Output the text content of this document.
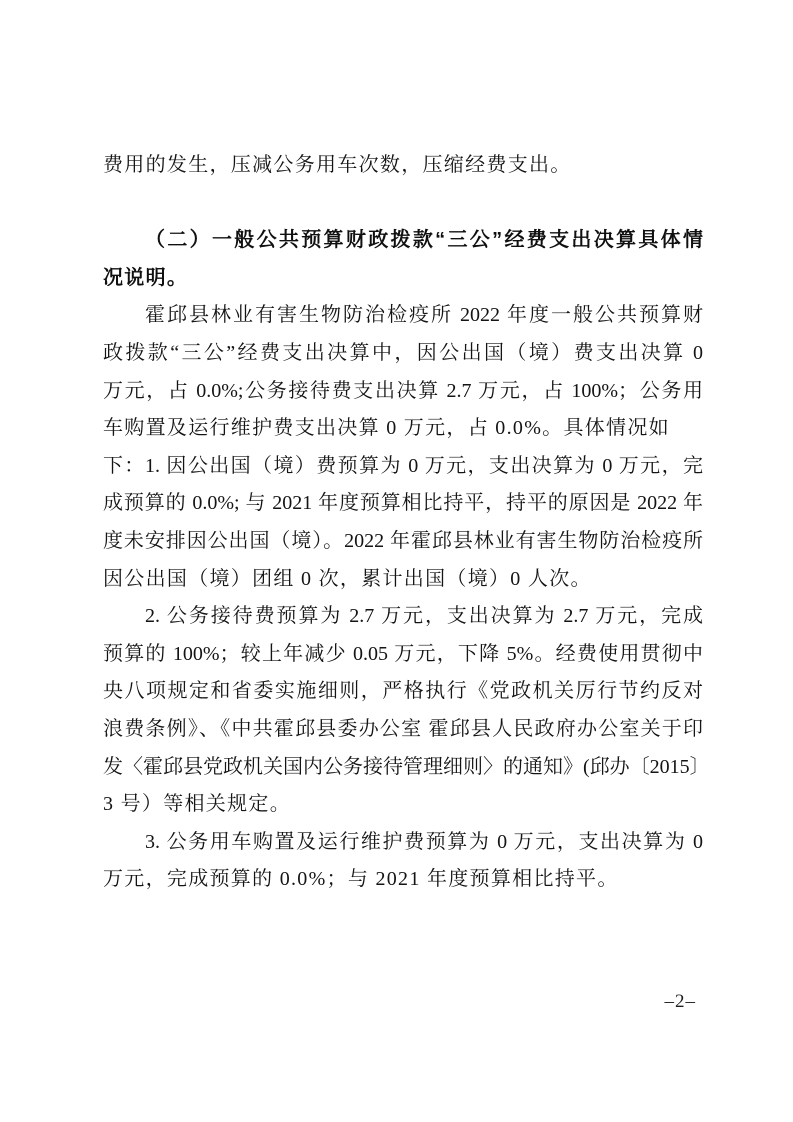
费用的发生，压减公务用车次数，压缩经费支出。
（二）一般公共预算财政拨款“三公”经费支出决算具体情
况说明。
霍邱县林业有害生物防治检疫所 2022 年度一般公共预算财
政拨款“三公”经费支出决算中，因公出国（境）费支出决算 0
万元，占 0.0%;公务接待费支出决算 2.7 万元，占 100%；公务用
车购置及运行维护费支出决算 0 万元，占 0.0%。具体情况如下： 1. 因公出国（境）费预算为 0 万元，支出决算为 0 万元，完
成预算的 0.0%; 与 2021 年度预算相比持平，持平的原因是 2022 年
度未安排因公出国（境）。2022 年霍邱县林业有害生物防治检疫所
因公出国（境）团组 0 次，累计出国（境）0 人次。
2. 公务接待费预算为 2.7 万元，支出决算为 2.7 万元，完成
预算的 100%；较上年减少 0.05 万元，下降 5%。经费使用贯彻中
央八项规定和省委实施细则，严格执行《党政机关厉行节约反对
浪费条例》、《中共霍邱县委办公室 霍邱县人民政府办公室关于印
发〈霍邱县党政机关国内公务接待管理细则〉的通知》(邱办〔2015〕
3 号）等相关规定。
3. 公务用车购置及运行维护费预算为 0 万元，支出决算为 0
万元，完成预算的 0.0%；与 2021 年度预算相比持平。
–2–
